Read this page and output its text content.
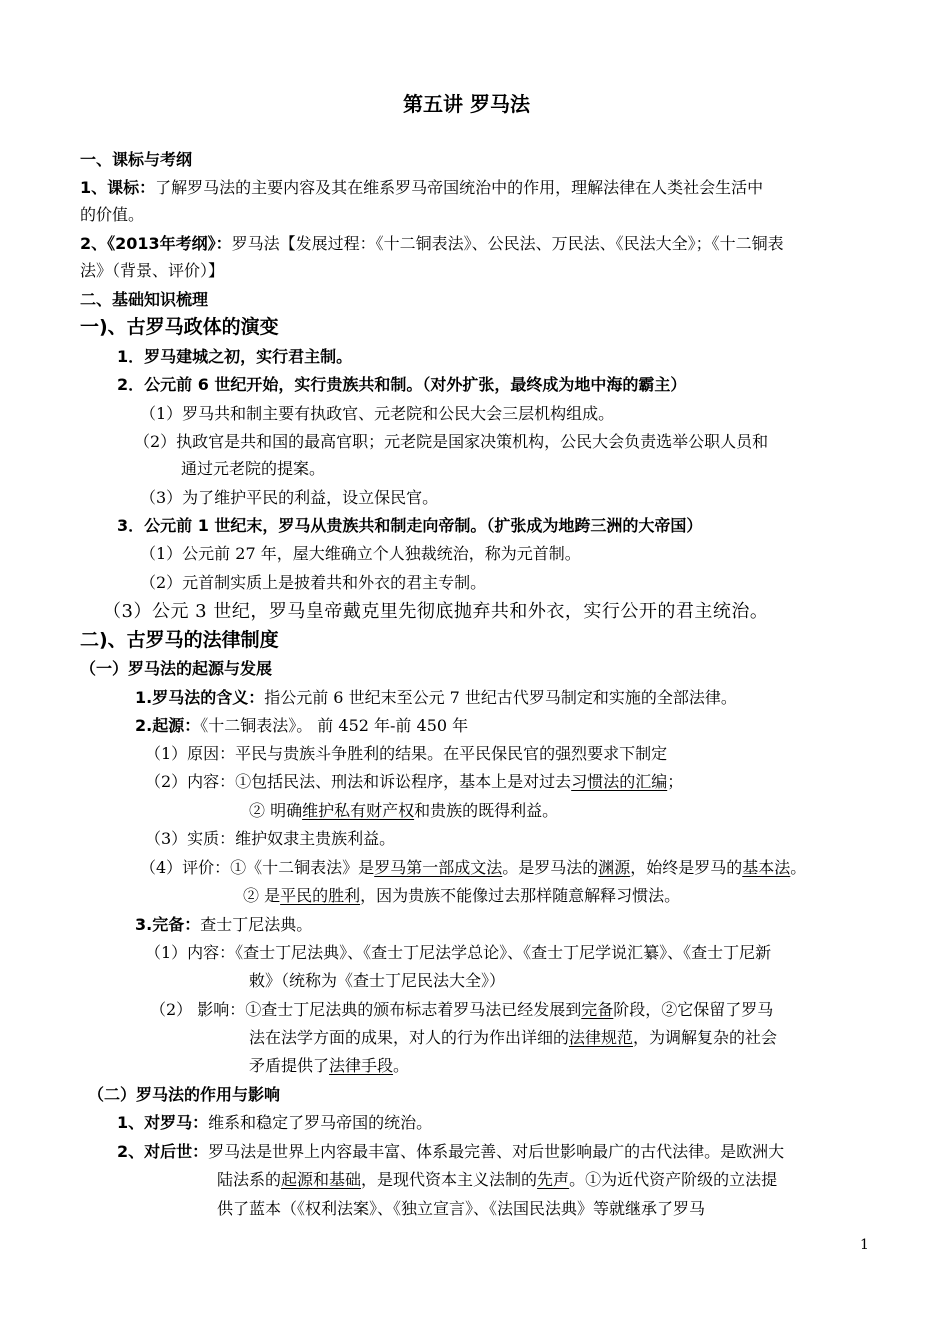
第五讲 罗马法
一、课标与考纲
1、课标：了解罗马法的主要内容及其在维系罗马帝国统治中的作用，理解法律在人类社会生活中
的价值。
2、《2013年考纲》：罗马法【发展过程：《十二铜表法》、公民法、万民法、《民法大全》；《十二铜表
法》（背景、评价）】
二、基础知识梳理
一)、古罗马政体的演变
1．罗马建城之初，实行君主制。
2．公元前 6 世纪开始，实行贵族共和制。（对外扩张，最终成为地中海的霸主）
（1）罗马共和制主要有执政官、元老院和公民大会三层机构组成。
（2）执政官是共和国的最高官职；元老院是国家决策机构，公民大会负责选举公职人员和
通过元老院的提案。
（3）为了维护平民的利益，设立保民官。
3．公元前 1 世纪末，罗马从贵族共和制走向帝制。（扩张成为地跨三洲的大帝国）
（1）公元前 27 年，屋大维确立个人独裁统治，称为元首制。
（2）元首制实质上是披着共和外衣的君主专制。
（3）公元 3 世纪，罗马皇帝戴克里先彻底抛弃共和外衣，实行公开的君主统治。
二)、古罗马的法律制度
（一）罗马法的起源与发展
1.罗马法的含义：指公元前 6 世纪末至公元 7 世纪古代罗马制定和实施的全部法律。
2.起源：《十二铜表法》。 前 452 年-前 450 年
（1）原因：平民与贵族斗争胜利的结果。在平民保民官的强烈要求下制定
（2）内容：①包括民法、刑法和诉讼程序，基本上是对过去习惯法的汇编；
② 明确维护私有财产权和贵族的既得利益。
（3）实质：维护奴隶主贵族利益。
（4）评价：①《十二铜表法》是罗马第一部成文法。是罗马法的渊源，始终是罗马的基本法。
② 是平民的胜利，因为贵族不能像过去那样随意解释习惯法。
3.完备：查士丁尼法典。
（1）内容：《查士丁尼法典》、《查士丁尼法学总论》、《查士丁尼学说汇纂》、《查士丁尼新
敕》（统称为《查士丁尼民法大全》）
（2） 影响：①查士丁尼法典的颁布标志着罗马法已经发展到完备阶段，②它保留了罗马
法在法学方面的成果，对人的行为作出详细的法律规范，为调解复杂的社会
矛盾提供了法律手段。
（二）罗马法的作用与影响
1、对罗马：维系和稳定了罗马帝国的统治。
2、对后世：罗马法是世界上内容最丰富、体系最完善、对后世影响最广的古代法律。是欧洲大
陆法系的起源和基础，是现代资本主义法制的先声。①为近代资产阶级的立法提
供了蓝本（《权利法案》、《独立宣言》、《法国民法典》等就继承了罗马
1
